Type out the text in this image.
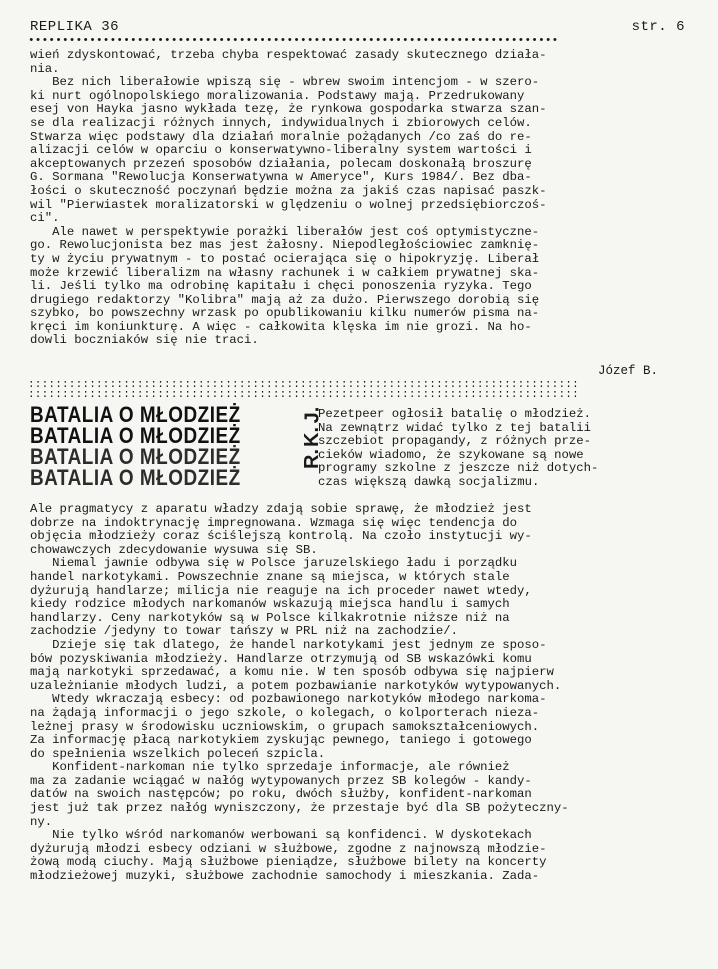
REPLIKA 36	str. 6
••••••••••••••••••••••••••••••••••••••••••••••••••••••••••••••••••••••••••••••
wień zdyskontować, trzeba chyba respektować zasady skutecznego działa-
nia.
Bez nich liberałowie wpiszą się - wbrew swoim intencjom - w szero-
ki nurt ogólnopolskiego moralizowania. Podstawy mają. Przedrukowany
esej von Hayka jasno wykłada tezę, że rynkowa gospodarka stwarza szan-
se dla realizacji różnych innych, indywidualnych i zbiorowych celów.
Stwarza więc podstawy dla działań moralnie pożądanych /co zaś do re-
alizacji celów w oparciu o konserwatywno-liberalny system wartości i
akceptowanych przezeń sposobów działania, polecam doskonałą broszurę
G. Sormana "Rewolucja Konserwatywna w Ameryce", Kurs 1984/. Bez dba-
łości o skuteczność poczynań będzie można za jakiś czas napisać paszk-
wil "Pierwiastek moralizatorski w ględzeniu o wolnej przedsiębiorczoś-
ci".
Ale nawet w perspektywie porażki liberałów jest coś optymistyczne-
go. Rewolucjonista bez mas jest żałosny. Niepodległościowiec zamknię-
ty w życiu prywatnym - to postać ocierająca się o hipokryzję. Liberał
może krzewić liberalizm na własny rachunek i w całkiem prywatnej ska-
li. Jeśli tylko ma odrobinę kapitału i chęci ponoszenia ryzyka. Tego
drugiego redaktorzy "Kolibra" mają aż za dużo. Pierwszego dorobią się
szybko, bo powszechny wrzask po opublikowaniu kilku numerów pisma na-
kręci im koniunkturę. A więc - całkowita klęska im nie grozi. Na ho-
dowli boczniaków się nie traci.
Józef B.
:::::::::::::::::::::::::::::::::::::::::::::::::::::::::::::::::::::::::::::::::
:::::::::::::::::::::::::::::::::::::::::::::::::::::::::::::::::::::::::::::::::
BATALIA O MŁODZIEŻ
BATALIA O MŁODZIEŻ
BATALIA O MŁODZIEŻ
BATALIA O MŁODZIEŻ
J.
K.
R.
Pezetpeer ogłosił batalię o młodzież.
Na zewnątrz widać tylko z tej batalii
szczebiot propagandy, z różnych prze-
cieków wiadomo, że szykowane są nowe
programy szkolne z jeszcze niż dotych-
czas większą dawką socjalizmu.
Ale pragmatycy z aparatu władzy zdają sobie sprawę, że młodzież jest
dobrze na indoktrynację impregnowana. Wzmaga się więc tendencja do
objęcia młodzieży coraz ściślejszą kontrolą. Na czoło instytucji wy-
chowawczych zdecydowanie wysuwa się SB.
Niemal jawnie odbywa się w Polsce jaruzelskiego ładu i porządku
handel narkotykami. Powszechnie znane są miejsca, w których stale
dyżurują handlarze; milicja nie reaguje na ich proceder nawet wtedy,
kiedy rodzice młodych narkomanów wskazują miejsca handlu i samych
handlarzy. Ceny narkotyków są w Polsce kilkakrotnie niższe niż na
zachodzie /jedyny to towar tańszy w PRL niż na zachodzie/.
Dzieje się tak dlatego, że handel narkotykami jest jednym ze sposo-
bów pozyskiwania młodzieży. Handlarze otrzymują od SB wskazówki komu
mają narkotyki sprzedawać, a komu nie. W ten sposób odbywa się najpierw
uzależnianie młodych ludzi, a potem pozbawianie narkotyków wytypowanych.
Wtedy wkraczają esbecy: od pozbawionego narkotyków młodego narkoma-
na żądają informacji o jego szkole, o kolegach, o kolporterach nieza-
leżnej prasy w środowisku uczniowskim, o grupach samokształceniowych.
Za informację płacą narkotykiem zyskując pewnego, taniego i gotowego
do spełnienia wszelkich poleceń szpicla.
Konfident-narkoman nie tylko sprzedaje informacje, ale również
ma za zadanie wciągać w nałóg wytypowanych przez SB kolegów - kandy-
datów na swoich następców; po roku, dwóch służby, konfident-narkoman
jest już tak przez nałóg wyniszczony, że przestaje być dla SB pożyteczny-
ny.
Nie tylko wśród narkomanów werbowani są konfidenci. W dyskotekach
dyżurują młodzi esbecy odziani w służbowe, zgodne z najnowszą młodzie-
żową modą ciuchy. Mają służbowe pieniądze, służbowe bilety na koncerty
młodzieżowej muzyki, służbowe zachodnie samochody i mieszkania. Zada-
